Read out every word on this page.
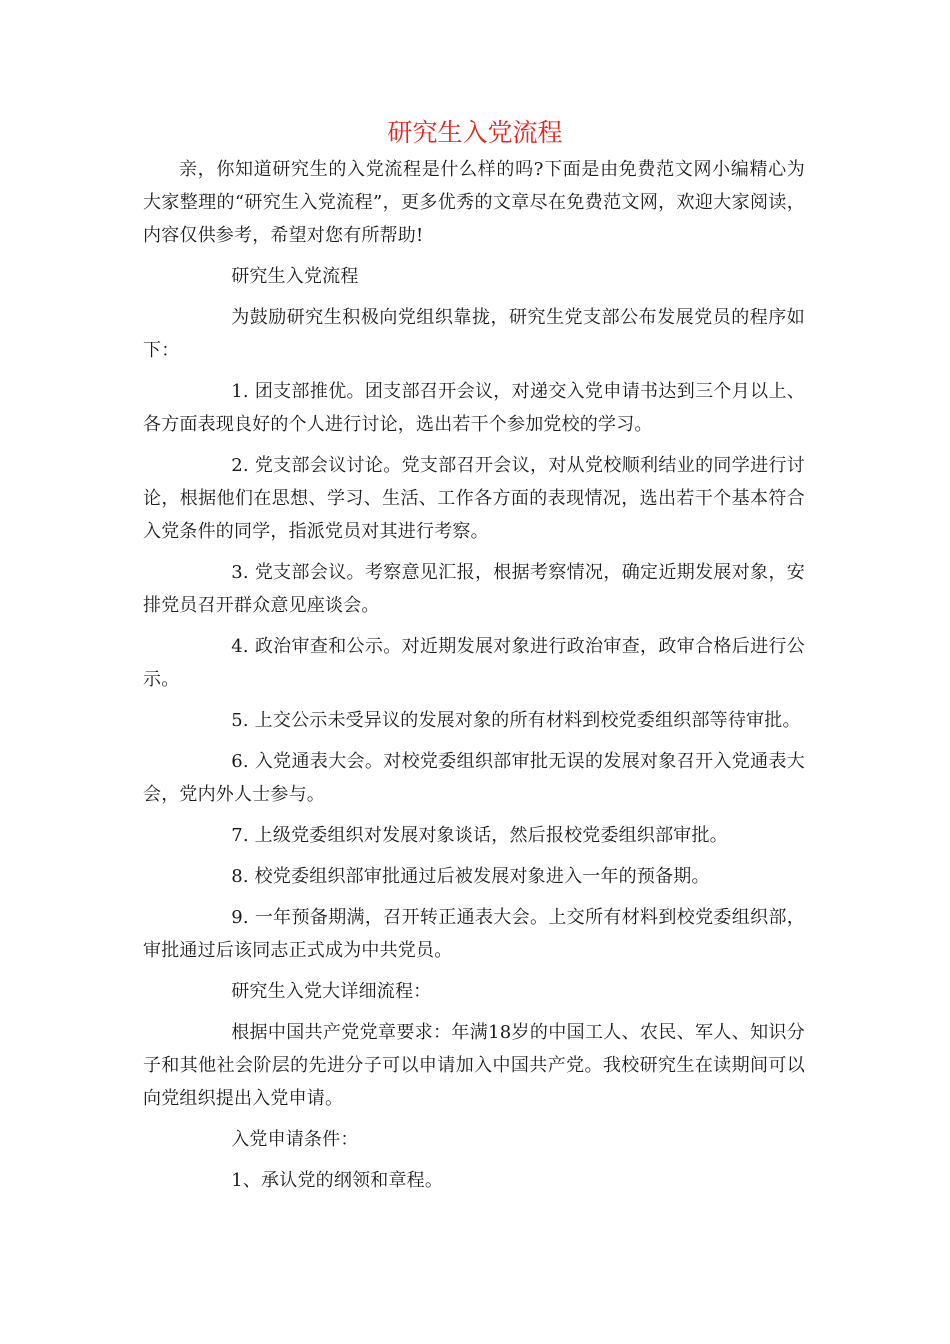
研究生入党流程

亲，你知道研究生的入党流程是什么样的吗?下面是由免费范文网小编精心为大家整理的“研究生入党流程”，更多优秀的文章尽在免费范文网，欢迎大家阅读，内容仅供参考，希望对您有所帮助!

研究生入党流程

为鼓励研究生积极向党组织靠拢，研究生党支部公布发展党员的程序如下：

1. 团支部推优。团支部召开会议，对递交入党申请书达到三个月以上、各方面表现良好的个人进行讨论，选出若干个参加党校的学习。

2. 党支部会议讨论。党支部召开会议，对从党校顺利结业的同学进行讨论，根据他们在思想、学习、生活、工作各方面的表现情况，选出若干个基本符合入党条件的同学，指派党员对其进行考察。

3. 党支部会议。考察意见汇报，根据考察情况，确定近期发展对象，安排党员召开群众意见座谈会。

4. 政治审查和公示。对近期发展对象进行政治审查，政审合格后进行公示。

5. 上交公示未受异议的发展对象的所有材料到校党委组织部等待审批。

6. 入党通表大会。对校党委组织部审批无误的发展对象召开入党通表大会，党内外人士参与。

7. 上级党委组织对发展对象谈话，然后报校党委组织部审批。

8. 校党委组织部审批通过后被发展对象进入一年的预备期。

9. 一年预备期满，召开转正通表大会。上交所有材料到校党委组织部，审批通过后该同志正式成为中共党员。

研究生入党大详细流程：

根据中国共产党党章要求：年满18岁的中国工人、农民、军人、知识分子和其他社会阶层的先进分子可以申请加入中国共产党。我校研究生在读期间可以向党组织提出入党申请。

入党申请条件：

1、承认党的纲领和章程。
